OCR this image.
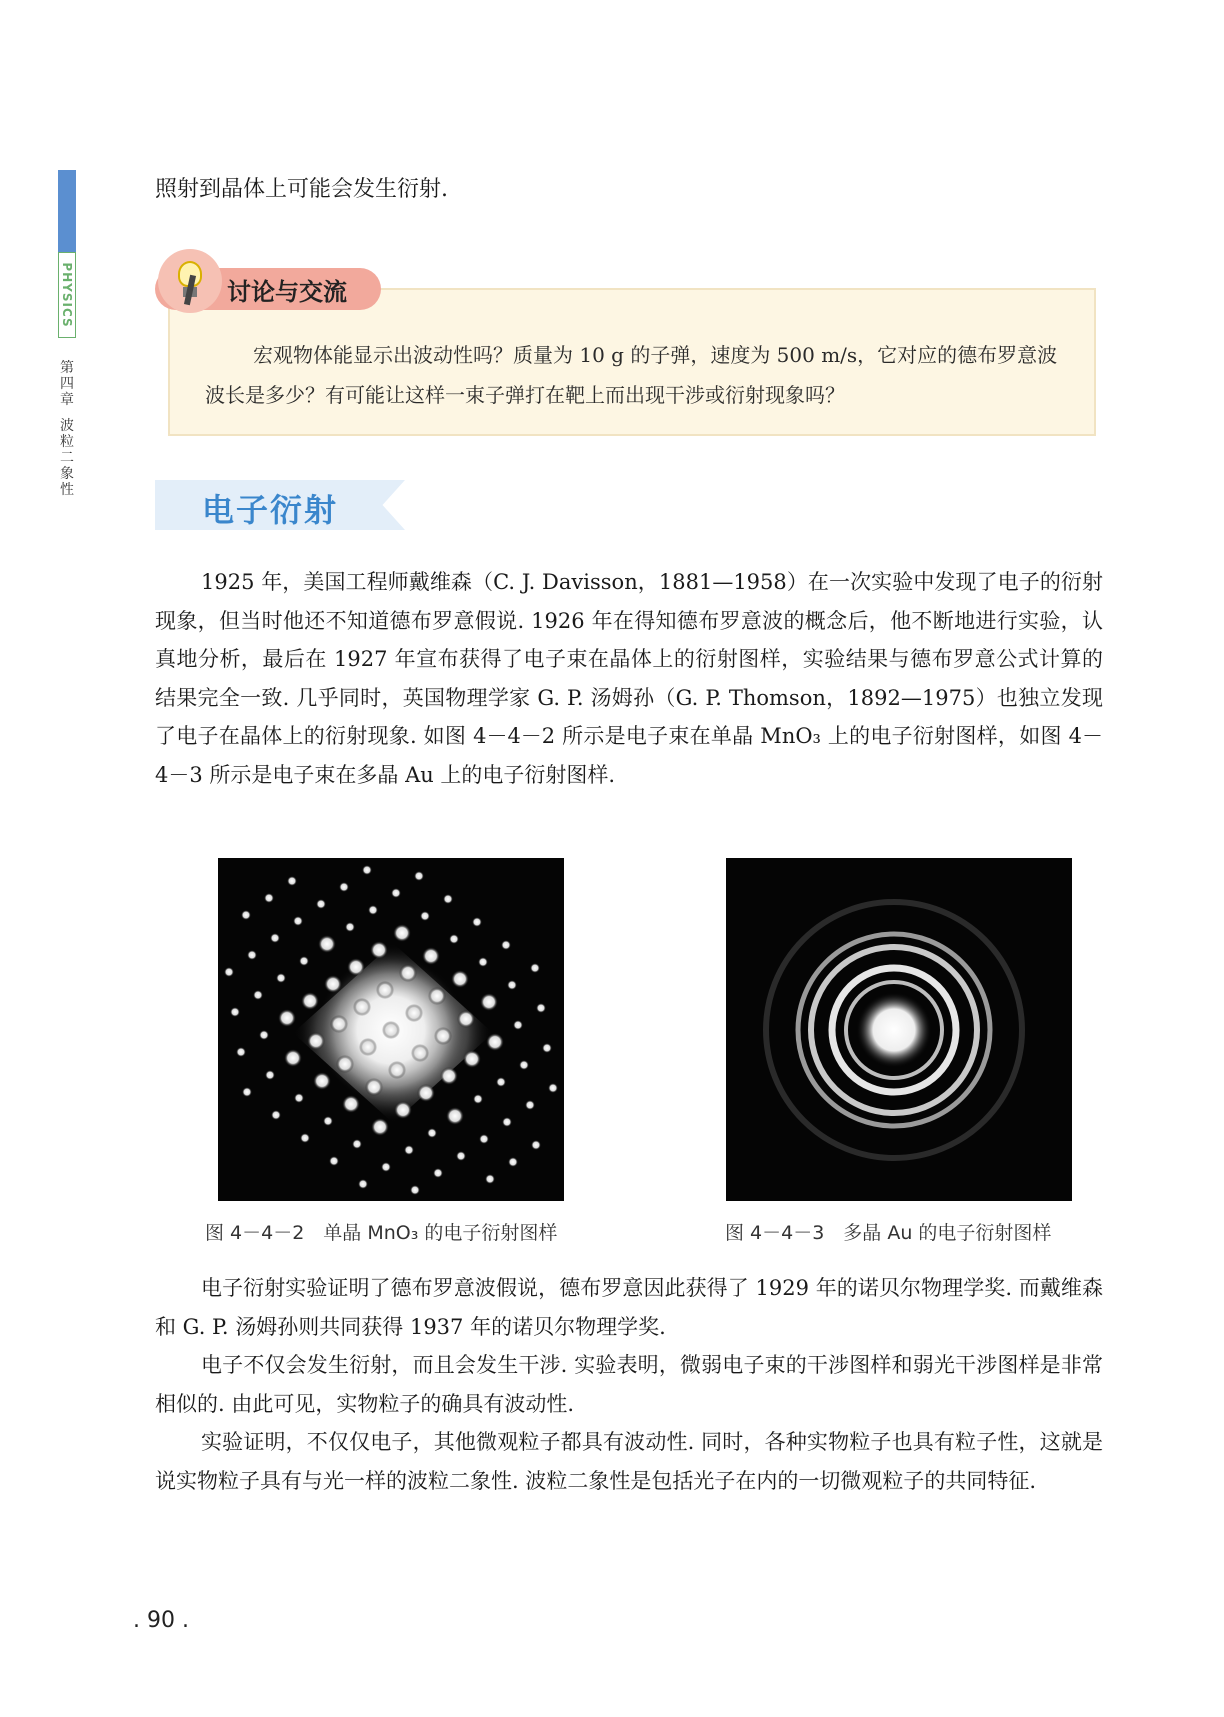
PHYSICS
第
四
章
波
粒
二
象
性
照射到晶体上可能会发生衍射.
讨论与交流
宏观物体能显示出波动性吗？质量为 10 g 的子弹，速度为 500 m/s，它对应的德布罗意波波长是多少？有可能让这样一束子弹打在靶上而出现干涉或衍射现象吗？
电子衍射

1925 年，美国工程师戴维森（C. J. Davisson，1881—1958）在一次实验中发现了电子的衍射现象，但当时他还不知道德布罗意假说. 1926 年在得知德布罗意波的概念后，他不断地进行实验，认真地分析，最后在 1927 年宣布获得了电子束在晶体上的衍射图样，实验结果与德布罗意公式计算的结果完全一致. 几乎同时，英国物理学家 G. P. 汤姆孙（G. P. Thomson，1892—1975）也独立发现了电子在晶体上的衍射现象. 如图 4－4－2 所示是电子束在单晶 MnO₃ 上的电子衍射图样，如图 4－4－3 所示是电子束在多晶 Au 上的电子衍射图样.

图 4－4－2　单晶 MnO₃ 的电子衍射图样	图 4－4－3　多晶 Au 的电子衍射图样

电子衍射实验证明了德布罗意波假说，德布罗意因此获得了 1929 年的诺贝尔物理学奖. 而戴维森和 G. P. 汤姆孙则共同获得 1937 年的诺贝尔物理学奖.

电子不仅会发生衍射，而且会发生干涉. 实验表明，微弱电子束的干涉图样和弱光干涉图样是非常相似的. 由此可见，实物粒子的确具有波动性.

实验证明，不仅仅电子，其他微观粒子都具有波动性. 同时，各种实物粒子也具有粒子性，这就是说实物粒子具有与光一样的波粒二象性. 波粒二象性是包括光子在内的一切微观粒子的共同特征.

. 90 .
